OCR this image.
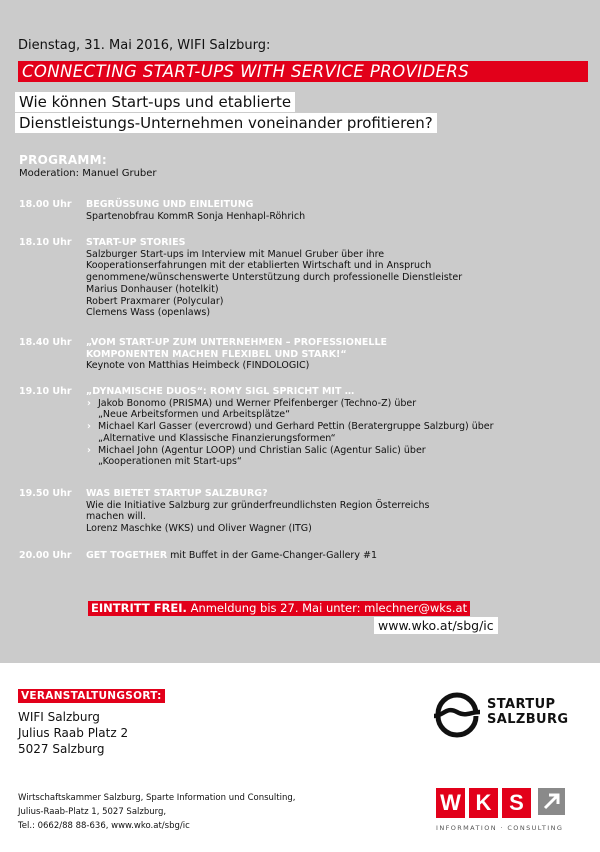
Dienstag, 31. Mai 2016, WIFI Salzburg:
CONNECTING START-UPS WITH SERVICE PROVIDERS
Wie können Start-ups und etablierte
Dienstleistungs-Unternehmen voneinander profitieren?
PROGRAMM:
Moderation: Manuel Gruber
18.00 Uhr BEGRÜSSUNG UND EINLEITUNG
Spartenobfrau KommR Sonja Henhapl-Röhrich
18.10 Uhr START-UP STORIES
Salzburger Start-ups im Interview mit Manuel Gruber über ihre
Kooperationserfahrungen mit der etablierten Wirtschaft und in Anspruch
genommene/wünschenswerte Unterstützung durch professionelle Dienstleister
Marius Donhauser (hotelkit)
Robert Praxmarer (Polycular)
Clemens Wass (openlaws)
18.40 Uhr „VOM START-UP ZUM UNTERNEHMEN – PROFESSIONELLE
KOMPONENTEN MACHEN FLEXIBEL UND STARK!“
Keynote von Matthias Heimbeck (FINDOLOGIC)
19.10 Uhr „DYNAMISCHE DUOS“: ROMY SIGL SPRICHT MIT …
› Jakob Bonomo (PRISMA) und Werner Pfeifenberger (Techno-Z) über
„Neue Arbeitsformen und Arbeitsplätze“
› Michael Karl Gasser (evercrowd) und Gerhard Pettin (Beratergruppe Salzburg) über
„Alternative und Klassische Finanzierungsformen“
› Michael John (Agentur LOOP) und Christian Salic (Agentur Salic) über
„Kooperationen mit Start-ups“
19.50 Uhr WAS BIETET STARTUP SALZBURG?
Wie die Initiative Salzburg zur gründerfreundlichsten Region Österreichs
machen will.
Lorenz Maschke (WKS) und Oliver Wagner (ITG)
20.00 Uhr GET TOGETHER mit Buffet in der Game-Changer-Gallery #1
EINTRITT FREI. Anmeldung bis 27. Mai unter: mlechner@wks.at
www.wko.at/sbg/ic
VERANSTALTUNGSORT:
WIFI Salzburg
Julius Raab Platz 2
5027 Salzburg
Wirtschaftskammer Salzburg, Sparte Information und Consulting,
Julius-Raab-Platz 1, 5027 Salzburg,
Tel.: 0662/88 88-636, www.wko.at/sbg/ic
STARTUP
SALZBURG
W K S
INFORMATION · CONSULTING
